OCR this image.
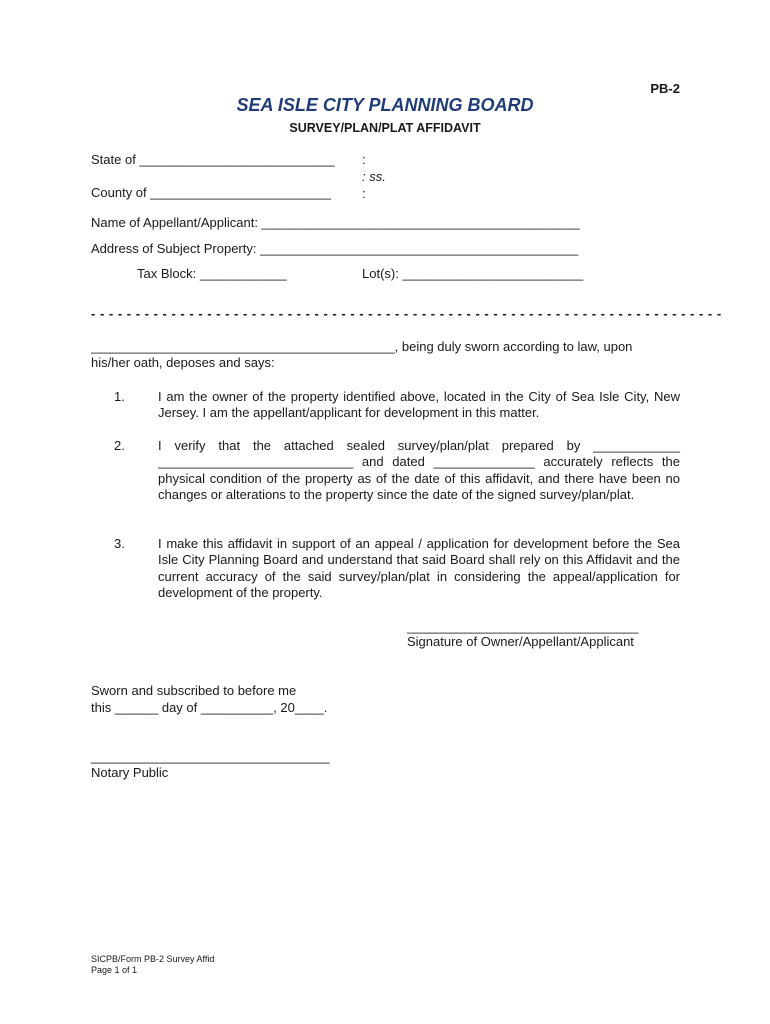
PB-2
SEA ISLE CITY PLANNING BOARD
SURVEY/PLAN/PLAT AFFIDAVIT
State of ___________________________
County of _________________________
:
: ss.
:
Name of Appellant/Applicant: ____________________________________________
Address of Subject Property: ____________________________________________
Tax Block: ____________	Lot(s): _________________________
- - - - - - - - - - - - - - - - - - - - - - - - - - - - - - - - - - - - - - - - - - - - - - - - - - - - - - - - - - - - - - - - - - - - - - -
__________________________________________, being duly sworn according to law, upon
his/her oath, deposes and says:
1.	I am the owner of the property identified above, located in the City of Sea Isle City, New Jersey. I am the appellant/applicant for development in this matter.
2.	I verify that the attached sealed survey/plan/plat prepared by ____________ ___________________________ and dated ______________ accurately reflects the physical condition of the property as of the date of this affidavit, and there have been no changes or alterations to the property since the date of the signed survey/plan/plat.
3.	I make this affidavit in support of an appeal / application for development before the Sea Isle City Planning Board and understand that said Board shall rely on this Affidavit and the current accuracy of the said survey/plan/plat in considering the appeal/application for development of the property.
________________________________
Signature of Owner/Appellant/Applicant
Sworn and subscribed to before me
this ______ day of __________, 20____.
_________________________________
Notary Public
SICPB/Form PB-2 Survey Affid
Page 1 of 1
